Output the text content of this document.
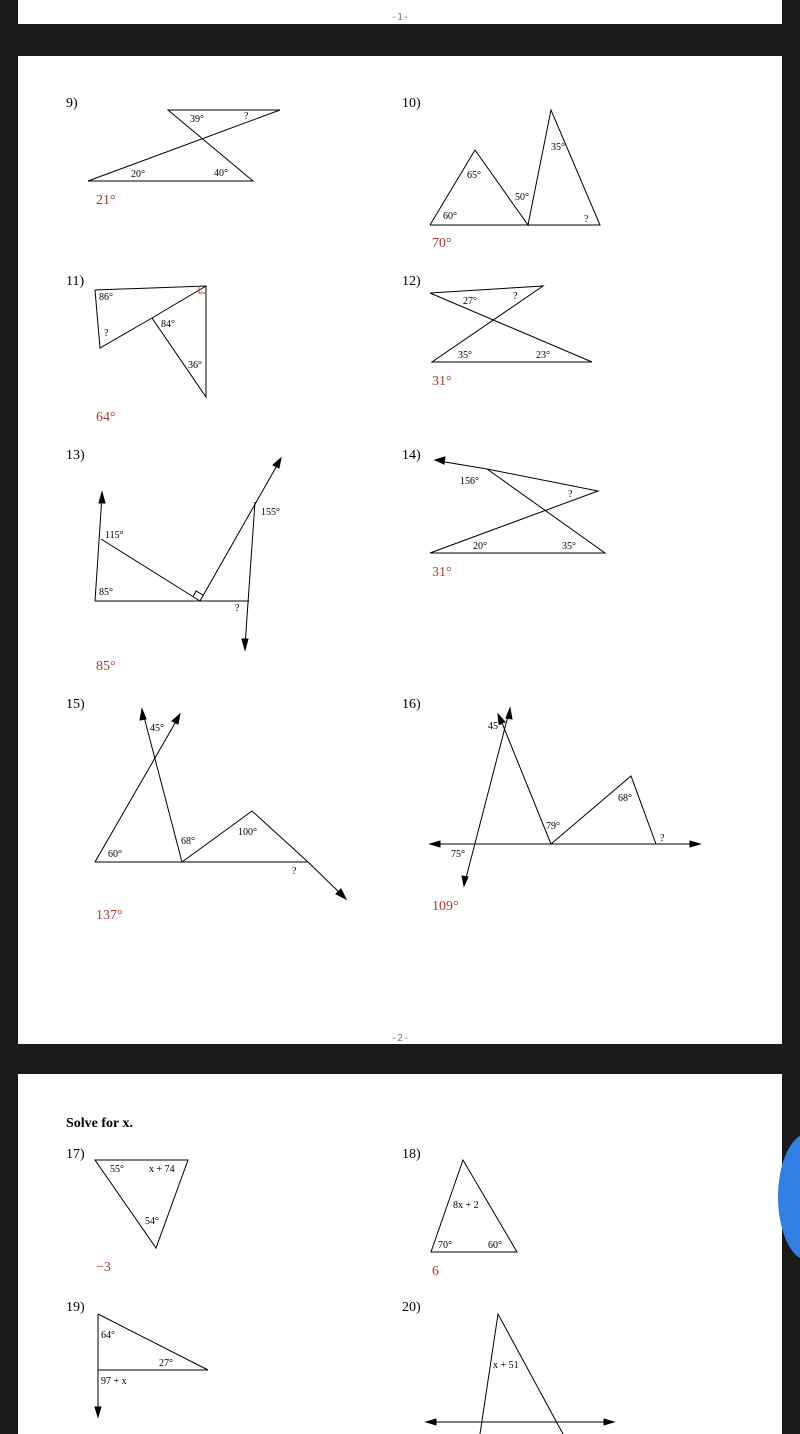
-1-
-2-
9)
39°	?
20°	40°
21°
10)
65°
60°
50°
35°
?
70°
11)
86°
?
84°
36°
64°
12)
27°	?
35°	23°
31°
13)
115°
85°
155°
?
85°
14)
156°
?
20°	35°
31°
15)
45°
60°
68°
100°
?
137°
16)
45°
79°
68°
75°
?
109°
Solve for x.
17)
55°	x + 74
54°
−3
18)
8x + 2
70°	60°
6
19)
64°
27°
97 + x
20)
x + 51
